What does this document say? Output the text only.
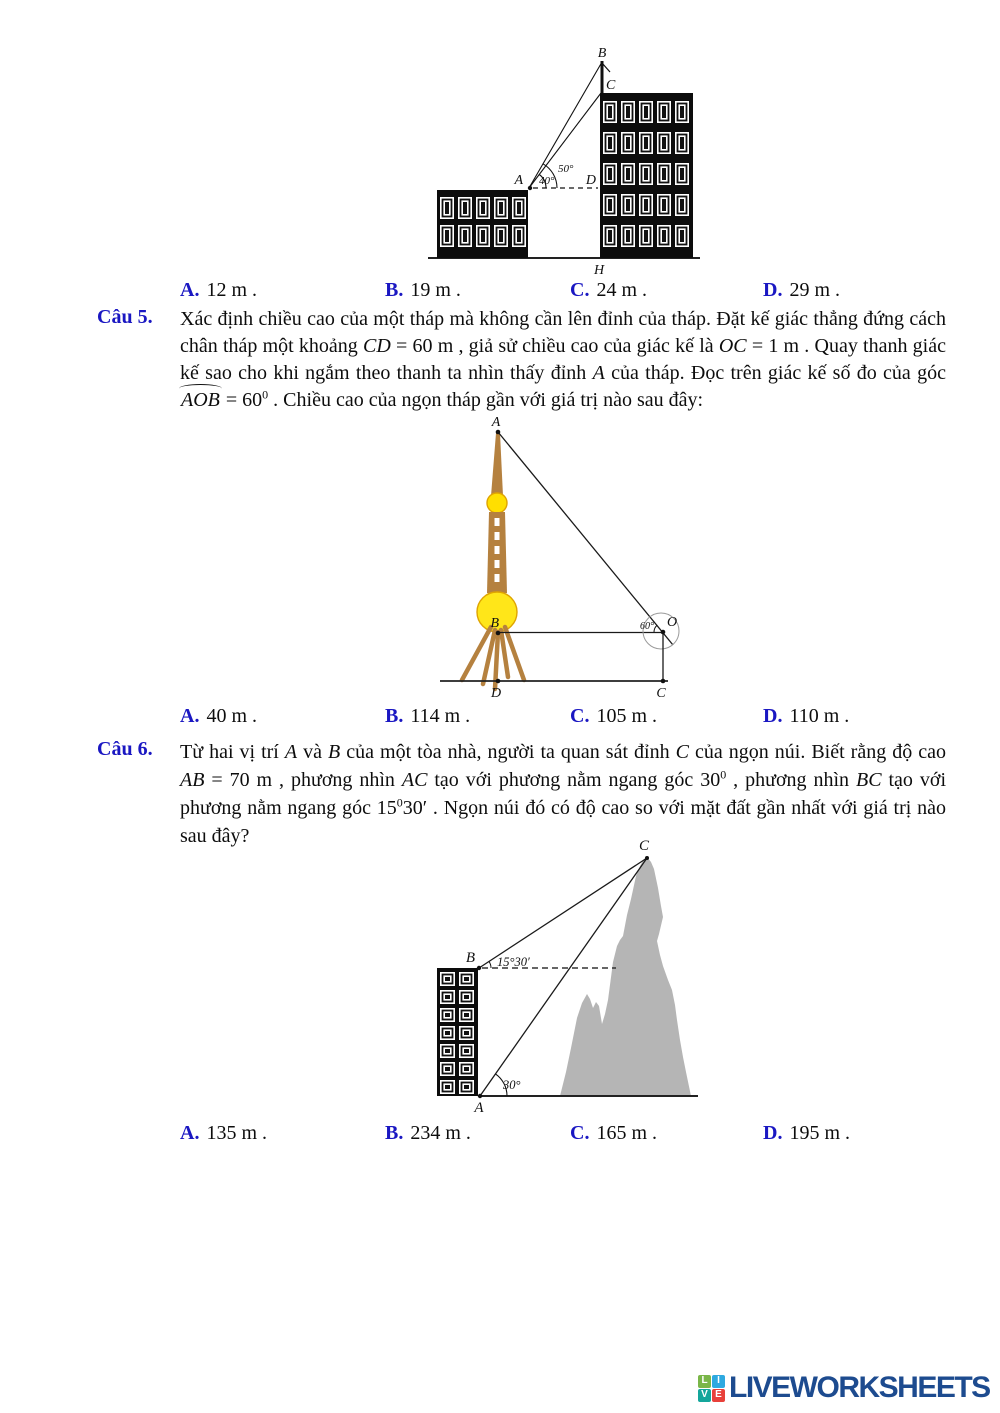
B
C
A	D
H
40°
50°
A. 12 m .	B. 19 m .	C. 24 m .	D. 29 m .
Câu 5.	Xác định chiều cao của một tháp mà không cần lên đỉnh của tháp. Đặt kế giác thẳng đứng cách chân tháp một khoảng CD = 60 m , giả sử chiều cao của giác kế là OC = 1 m . Quay thanh giác kế sao cho khi ngắm theo thanh ta nhìn thấy đỉnh A của tháp. Đọc trên giác kế số đo của góc AOB = $60^0$ . Chiều cao của ngọn tháp gần với giá trị nào sau đây:
A
B	O
60°
D	C
A. 40 m .	B. 114 m .	C. 105 m .	D. 110 m .
Câu 6.	Từ hai vị trí A và B của một tòa nhà, người ta quan sát đỉnh C của ngọn núi. Biết rằng độ cao AB = 70 m , phương nhìn AC tạo với phương nằm ngang góc $30^0$ , phương nhìn BC tạo với phương nằm ngang góc $15^030'$ . Ngọn núi đó có độ cao so với mặt đất gần nhất với giá trị nào sau đây?	C
B
A
15°30′
30°
A. 135 m .	B. 234 m .	C. 165 m .	D. 195 m .
L I
V E LIVEWORKSHEETS
